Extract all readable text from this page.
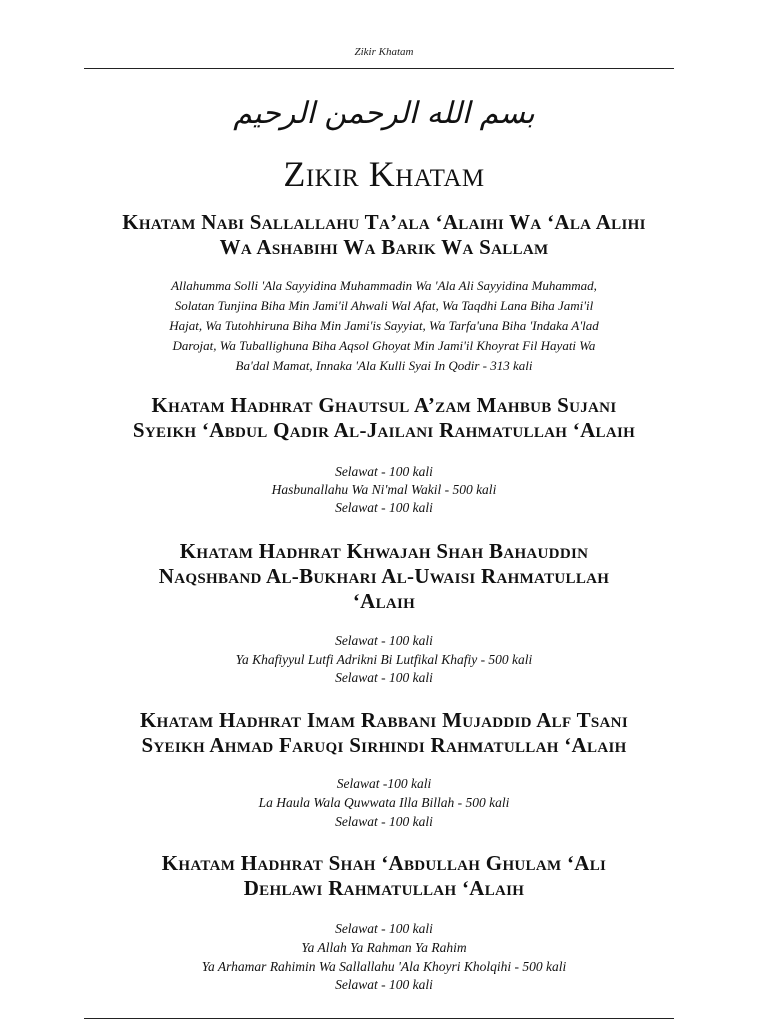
Zikir Khatam
بسم الله الرحمن الرحيم
Zikir Khatam
Khatam Nabi Sallallahu Ta’ala ‘Alaihi Wa ‘Ala Alihi
Wa Ashabihi Wa Barik Wa Sallam
Allahumma Solli 'Ala Sayyidina Muhammadin Wa 'Ala Ali Sayyidina Muhammad,
Solatan Tunjina Biha Min Jami'il Ahwali Wal Afat, Wa Taqdhi Lana Biha Jami'il
Hajat, Wa Tutohhiruna Biha Min Jami'is Sayyiat, Wa Tarfa'una Biha 'Indaka A'lad
Darojat, Wa Tuballighuna Biha Aqsol Ghoyat Min Jami'il Khoyrat Fil Hayati Wa
Ba'dal Mamat, Innaka 'Ala Kulli Syai In Qodir - 313 kali
Khatam Hadhrat Ghautsul A’zam Mahbub Sujani
Syeikh ‘Abdul Qadir Al-Jailani Rahmatullah ‘Alaih
Selawat - 100 kali
Hasbunallahu Wa Ni'mal Wakil - 500 kali
Selawat - 100 kali
Khatam Hadhrat Khwajah Shah Bahauddin
Naqshband Al-Bukhari Al-Uwaisi Rahmatullah
‘Alaih
Selawat - 100 kali
Ya Khafiyyul Lutfi Adrikni Bi Lutfikal Khafiy - 500 kali
Selawat - 100 kali
Khatam Hadhrat Imam Rabbani Mujaddid Alf Tsani
Syeikh Ahmad Faruqi Sirhindi Rahmatullah ‘Alaih
Selawat -100 kali
La Haula Wala Quwwata Illa Billah - 500 kali
Selawat - 100 kali
Khatam Hadhrat Shah ‘Abdullah Ghulam ‘Ali
Dehlawi Rahmatullah ‘Alaih
Selawat - 100 kali
Ya Allah Ya Rahman Ya Rahim
Ya Arhamar Rahimin Wa Sallallahu 'Ala Khoyri Kholqihi - 500 kali
Selawat - 100 kali
